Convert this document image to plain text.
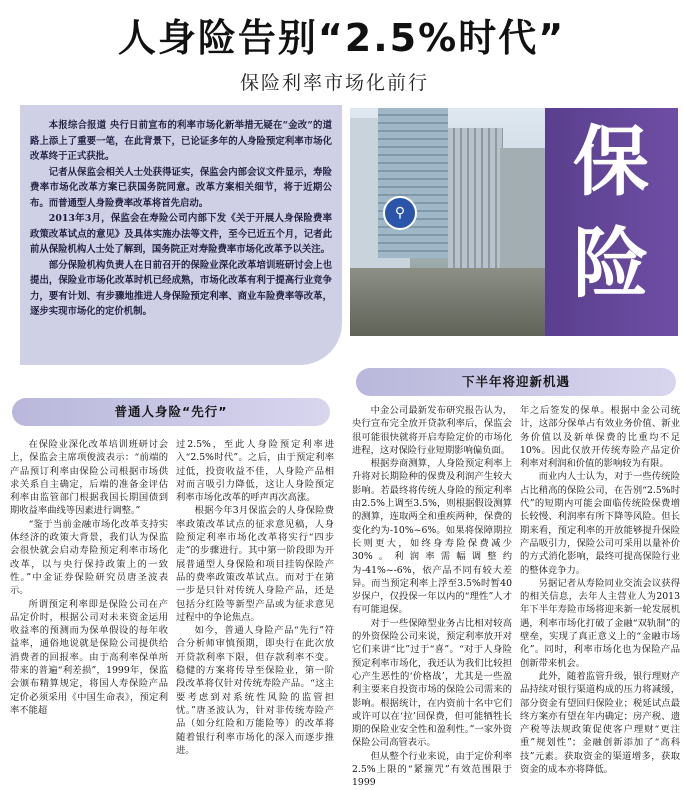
人身险告别“2.5%时代”
保险利率市场化前行

本报综合报道 央行日前宣布的利率市场化新举措无疑在“金改”的道路上添上了重要一笔，在此背景下，已论证多年的人身险预定利率市场化改革终于正式获批。

记者从保监会相关人士处获得证实，保监会内部会议文件显示，寿险费率市场化改革方案已获国务院同意。改革方案相关细节，将于近期公布。而普通型人身险费率改革将首先启动。

2013年3月，保监会在寿险公司内部下发《关于开展人身保险费率政策改革试点的意见》及具体实施办法等文件，至今已近五个月，记者此前从保险机构人士处了解到，国务院正对寿险费率市场化改革予以关注。

部分保险机构负责人在日前召开的保险业深化改革培训班研讨会上也提出，保险业市场化改革时机已经成熟，市场化改革有利于提高行业竞争力，要有计划、有步骤地推进人身保险预定利率、商业车险费率等改革，逐步实现市场化的定价机制。

⚲
保
险
普通人身险“先行”
下半年将迎新机遇

在保险业深化改革培训班研讨会上，保监会主席项俊波表示：“前端的产品预订利率由保险公司根据市场供求关系自主确定，后端的准备金评估利率由监管部门根据我国长期国债到期收益率曲线等因素进行调整。”

“鉴于当前金融市场化改革支持实体经济的政策大背景，我们认为保监会很快就会启动寿险预定利率市场化改革，以与央行保持政策上的一致性。”中金证券保险研究员唐圣波表示。

所谓预定利率即是保险公司在产品定价时，根据公司对未来资金运用收益率的预测而为保单假设的每年收益率，通俗地说就是保险公司提供给消费者的回报率。由于高利率保单所带来的普遍“利差损”，1999年，保监会颁布精算规定，将国人寿保险产品定价必须采用《中国生命表》，预定利率不能超

过2.5%，至此人身险预定利率进入“2.5%时代”。之后，由于预定利率过低，投资收益不佳，人身险产品相对而言吸引力降低，这让人身险预定利率市场化改革的呼声再次高涨。

根据今年3月保监会的人身保险费率政策改革试点的征求意见稿，人身险预定利率市场化改革将实行“四步走”的步骤进行。其中第一阶段即为开展普通型人身保险和项目挂钩保险产品的费率政策改革试点。而对于在第一步是只针对传统人身险产品，还是包括分红险等新型产品或为征求意见过程中的争论焦点。

如今，普通人身险产品“先行”符合分析师审慎预期，即央行在此次放开贷款利率下限，但存款利率不变。稳健的方案将传导至保险业，第一阶段改革将仅针对传统寿险产品。“这主要考虑到对系统性风险的监管担忧。”唐圣波认为，针对非传统寿险产品（如分红险和万能险等）的改革将随着银行利率市场化的深入而逐步推进。

中金公司最新发布研究报告认为，央行宣布完全放开贷款利率后，保监会很可能很快就将开启寿险定价的市场化进程，这对保险行业短期影响偏负面。

根据券商测算，人身险预定利率上升将对长期险种的保费及利润产生较大影响。若最终将传统人身险的预定利率由2.5%上调至3.5%，则根据假设测算的测算，连取两全和重疾两种，保费的变化约为-10%~6%。如果将保障期拉长则更大，如终身寿险保费减少30%。利润率需幅调整约为-41%~-6%，依产品不同有较大差异。而当预定利率上浮至3.5%时暂40岁保户，仅投保一年以内的“理性”人才有可能退保。

对于一些保障型业务占比相对较高的外资保险公司来说，预定利率放开对它们来讲“比”过于“喜”。“对于人身险预定利率市场化，我还认为我们比较担心产生恶性的‘价格战’，尤其是一些盈利主要来自投资市场的保险公司需来的影响。根据统计，在内资前十名中它们或许可以在‘拉’回保费，但可能牺牲长期的保险业安全性和盈利性。”一家外资保险公司高管表示。

但从整个行业来说，由于定价利率2.5%上限的“紧箍咒”有效范围限于1999

年之后签发的保单。根据中金公司统计，这部分保单占有效业务价值、新业务价值以及新单保费的比重均不足10%。因此仅放开传统寿险产品定价利率对利润和价值的影响较为有限。

而业内人士认为，对于一些传统险占比稍高的保险公司，在告别“2.5%时代”的短期内可能会面临传统险保费增长较慢、利润率有所下降等风险。但长期来看，预定利率的开放能够提升保险产品吸引力，保险公司可采用以量补价的方式消化影响，最终可提高保险行业的整体竞争力。

另据记者从寿险同业交流会议获得的相关信息，去年人主营业人为2013年下半年寿险市场将迎来新一轮发展机遇，利率市场化打破了金融“双轨制”的壁垒，实现了真正意义上的“金融市场化”。同时，利率市场化也为保险产品创新带来机会。

此外，随着监管升级，银行理财产品持续对银行渠道构成的压力将减缓，部分资金有望回归保险业；税延试点最终方案亦有望在年内确定；房产税、遗产税等法规政策促使客户理财“更注重”规划性”；金融创新添加了“高科技”元素。获取资金的渠道增多，获取资金的成本亦将降低。
